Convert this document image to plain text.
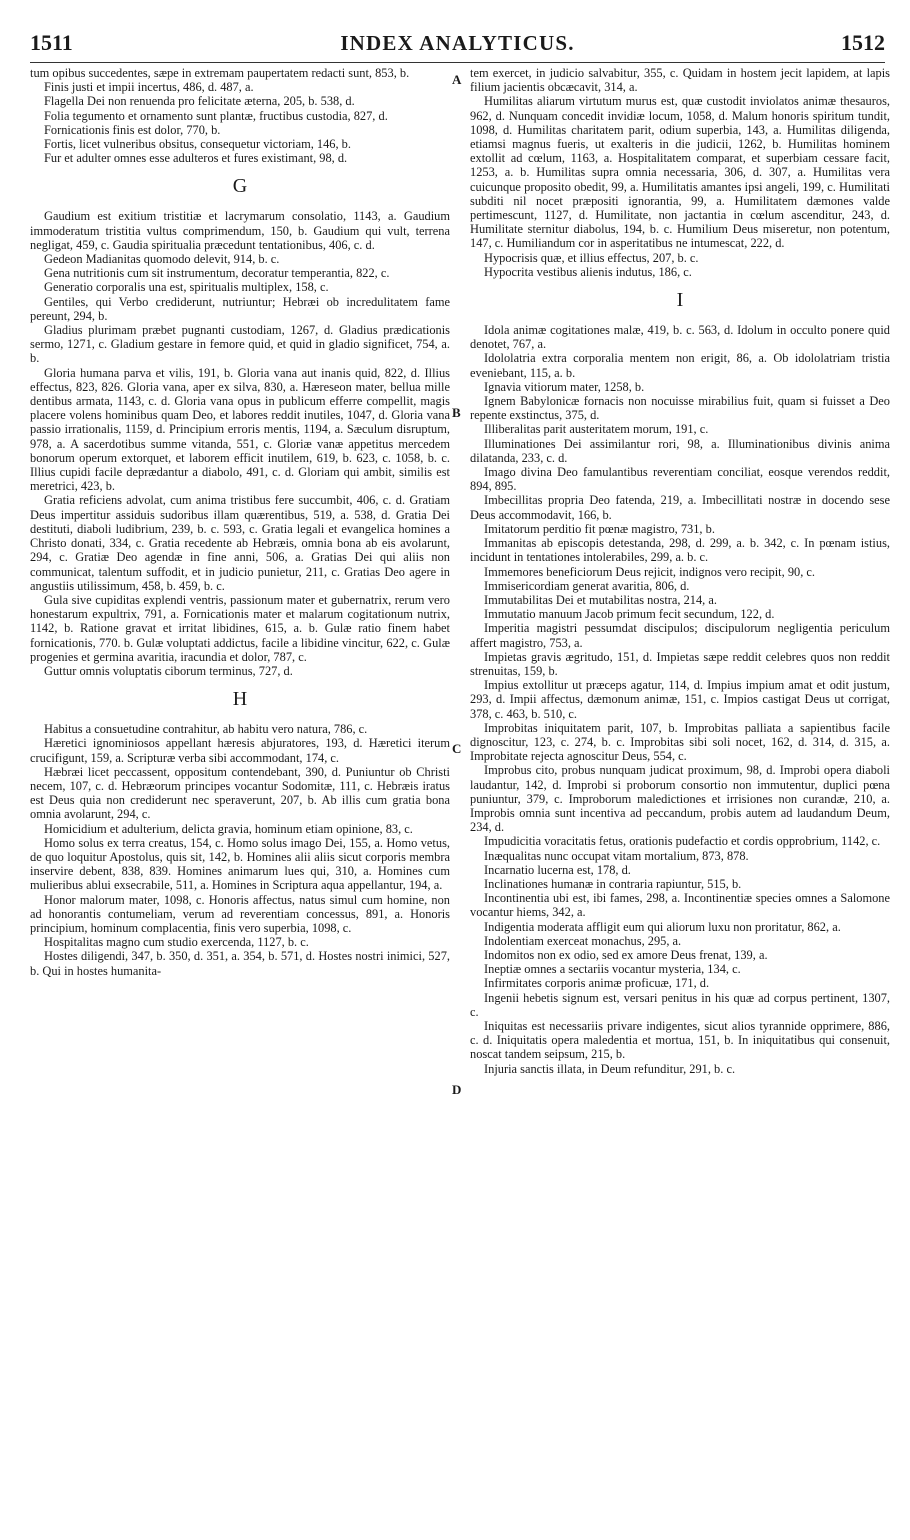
1511	INDEX ANALYTICUS.	1512
A
B
C
D

tum opibus succedentes, sæpe in extremam paupertatem redacti sunt, 853, b.

Finis justi et impii incertus, 486, d. 487, a.

Flagella Dei non renuenda pro felicitate æterna, 205, b. 538, d.

Folia tegumento et ornamento sunt plantæ, fructibus custodia, 827, d.

Fornicationis finis est dolor, 770, b.

Fortis, licet vulneribus obsitus, consequetur victoriam, 146, b.

Fur et adulter omnes esse adulteros et fures existimant, 98, d.

G

Gaudium est exitium tristitiæ et lacrymarum consolatio, 1143, a. Gaudium immoderatum tristitia vultus comprimendum, 150, b. Gaudium qui vult, terrena negligat, 459, c. Gaudia spiritualia præcedunt tentationibus, 406, c. d.

Gedeon Madianitas quomodo delevit, 914, b. c.

Gena nutritionis cum sit instrumentum, decoratur temperantia, 822, c.

Generatio corporalis una est, spiritualis multiplex, 158, c.

Gentiles, qui Verbo crediderunt, nutriuntur; Hebræi ob incredulitatem fame pereunt, 294, b.

Gladius plurimam præbet pugnanti custodiam, 1267, d. Gladius prædicationis sermo, 1271, c. Gladium gestare in femore quid, et quid in gladio significet, 754, a. b.

Gloria humana parva et vilis, 191, b. Gloria vana aut inanis quid, 822, d. Illius effectus, 823, 826. Gloria vana, aper ex silva, 830, a. Hæreseon mater, bellua mille dentibus armata, 1143, c. d. Gloria vana opus in publicum efferre compellit, magis placere volens hominibus quam Deo, et labores reddit inutiles, 1047, d. Gloria vana passio irrationalis, 1159, d. Principium erroris mentis, 1194, a. Sæculum disruptum, 978, a. A sacerdotibus summe vitanda, 551, c. Gloriæ vanæ appetitus mercedem bonorum operum extorquet, et laborem efficit inutilem, 619, b. 623, c. 1058, b. c. Illius cupidi facile deprædantur a diabolo, 491, c. d. Gloriam qui ambit, similis est meretrici, 423, b.

Gratia reficiens advolat, cum anima tristibus fere succumbit, 406, c. d. Gratiam Deus impertitur assiduis sudoribus illam quærentibus, 519, a. 538, d. Gratia Dei destituti, diaboli ludibrium, 239, b. c. 593, c. Gratia legali et evangelica homines a Christo donati, 334, c. Gratia recedente ab Hebræis, omnia bona ab eis avolarunt, 294, c. Gratiæ Deo agendæ in fine anni, 506, a. Gratias Dei qui aliis non communicat, talentum suffodit, et in judicio punietur, 211, c. Gratias Deo agere in angustiis utilissimum, 458, b. 459, b. c.

Gula sive cupiditas explendi ventris, passionum mater et gubernatrix, rerum vero honestarum expultrix, 791, a. Fornicationis mater et malarum cogitationum nutrix, 1142, b. Ratione gravat et irritat libidines, 615, a. b. Gulæ ratio finem habet fornicationis, 770. b. Gulæ voluptati addictus, facile a libidine vincitur, 622, c. Gulæ progenies et germina avaritia, iracundia et dolor, 787, c.

Guttur omnis voluptatis ciborum terminus, 727, d.

H

Habitus a consuetudine contrahitur, ab habitu vero natura, 786, c.

Hæretici ignominiosos appellant hæresis abjuratores, 193, d. Hæretici iterum crucifigunt, 159, a. Scripturæ verba sibi accommodant, 174, c.

Hæbræi licet peccassent, oppositum contendebant, 390, d. Puniuntur ob Christi necem, 107, c. d. Hebræorum principes vocantur Sodomitæ, 111, c. Hebræis iratus est Deus quia non crediderunt nec speraverunt, 207, b. Ab illis cum gratia bona omnia avolarunt, 294, c.

Homicidium et adulterium, delicta gravia, hominum etiam opinione, 83, c.

Homo solus ex terra creatus, 154, c. Homo solus imago Dei, 155, a. Homo vetus, de quo loquitur Apostolus, quis sit, 142, b. Homines alii aliis sicut corporis membra inservire debent, 838, 839. Homines animarum lues qui, 310, a. Homines cum mulieribus ablui exsecrabile, 511, a. Homines in Scriptura aqua appellantur, 194, a.

Honor malorum mater, 1098, c. Honoris affectus, natus simul cum homine, non ad honorantis contumeliam, verum ad reverentiam concessus, 891, a. Honoris principium, hominum complacentia, finis vero superbia, 1098, c.

Hospitalitas magno cum studio exercenda, 1127, b. c.

Hostes diligendi, 347, b. 350, d. 351, a. 354, b. 571, d. Hostes nostri inimici, 527, b. Qui in hostes humanita-

tem exercet, in judicio salvabitur, 355, c. Quidam in hostem jecit lapidem, at lapis filium jacientis obcæcavit, 314, a.

Humilitas aliarum virtutum murus est, quæ custodit inviolatos animæ thesauros, 962, d. Nunquam concedit invidiæ locum, 1058, d. Malum honoris spiritum tundit, 1098, d. Humilitas charitatem parit, odium superbia, 143, a. Humilitas diligenda, etiamsi magnus fueris, ut exalteris in die judicii, 1262, b. Humilitas hominem extollit ad cœlum, 1163, a. Hospitalitatem comparat, et superbiam cessare facit, 1253, a. b. Humilitas supra omnia necessaria, 306, d. 307, a. Humilitas vera cuicunque proposito obedit, 99, a. Humilitatis amantes ipsi angeli, 199, c. Humilitati subditi nil nocet præpositi ignorantia, 99, a. Humilitatem dæmones valde pertimescunt, 1127, d. Humilitate, non jactantia in cœlum ascenditur, 243, d. Humilitate sternitur diabolus, 194, b. c. Humilium Deus miseretur, non potentum, 147, c. Humiliandum cor in asperitatibus ne intumescat, 222, d.

Hypocrisis quæ, et illius effectus, 207, b. c.

Hypocrita vestibus alienis indutus, 186, c.

I

Idola animæ cogitationes malæ, 419, b. c. 563, d. Idolum in occulto ponere quid denotet, 767, a.

Idololatria extra corporalia mentem non erigit, 86, a. Ob idololatriam tristia eveniebant, 115, a. b.

Ignavia vitiorum mater, 1258, b.

Ignem Babylonicæ fornacis non nocuisse mirabilius fuit, quam si fuisset a Deo repente exstinctus, 375, d.

Illiberalitas parit austeritatem morum, 191, c.

Illuminationes Dei assimilantur rori, 98, a. Illuminationibus divinis anima dilatanda, 233, c. d.

Imago divina Deo famulantibus reverentiam conciliat, eosque verendos reddit, 894, 895.

Imbecillitas propria Deo fatenda, 219, a. Imbecillitati nostræ in docendo sese Deus accommodavit, 166, b.

Imitatorum perditio fit pœnæ magistro, 731, b.

Immanitas ab episcopis detestanda, 298, d. 299, a. b. 342, c. In pœnam istius, incidunt in tentationes intolerabiles, 299, a. b. c.

Immemores beneficiorum Deus rejicit, indignos vero recipit, 90, c.

Immisericordiam generat avaritia, 806, d.

Immutabilitas Dei et mutabilitas nostra, 214, a.

Immutatio manuum Jacob primum fecit secundum, 122, d.

Imperitia magistri pessumdat discipulos; discipulorum negligentia periculum affert magistro, 753, a.

Impietas gravis ægritudo, 151, d. Impietas sæpe reddit celebres quos non reddit strenuitas, 159, b.

Impius extollitur ut præceps agatur, 114, d. Impius impium amat et odit justum, 293, d. Impii affectus, dæmonum animæ, 151, c. Impios castigat Deus ut corrigat, 378, c. 463, b. 510, c.

Improbitas iniquitatem parit, 107, b. Improbitas palliata a sapientibus facile dignoscitur, 123, c. 274, b. c. Improbitas sibi soli nocet, 162, d. 314, d. 315, a. Improbitate rejecta agnoscitur Deus, 554, c.

Improbus cito, probus nunquam judicat proximum, 98, d. Improbi opera diaboli laudantur, 142, d. Improbi si proborum consortio non immutentur, duplici pœna puniuntur, 379, c. Improborum maledictiones et irrisiones non curandæ, 210, a. Improbis omnia sunt incentiva ad peccandum, probis autem ad laudandum Deum, 234, d.

Impudicitia voracitatis fetus, orationis pudefactio et cordis opprobrium, 1142, c.

Inæqualitas nunc occupat vitam mortalium, 873, 878.

Incarnatio lucerna est, 178, d.

Inclinationes humanæ in contraria rapiuntur, 515, b.

Incontinentia ubi est, ibi fames, 298, a. Incontinentiæ species omnes a Salomone vocantur hiems, 342, a.

Indigentia moderata affligit eum qui aliorum luxu non proritatur, 862, a.

Indolentiam exerceat monachus, 295, a.

Indomitos non ex odio, sed ex amore Deus frenat, 139, a.

Ineptiæ omnes a sectariis vocantur mysteria, 134, c.

Infirmitates corporis animæ proficuæ, 171, d.

Ingenii hebetis signum est, versari penitus in his quæ ad corpus pertinent, 1307, c.

Iniquitas est necessariis privare indigentes, sicut alios tyrannide opprimere, 886, c. d. Iniquitatis opera maledentia et mortua, 151, b. In iniquitatibus qui consenuit, noscat tandem seipsum, 215, b.

Injuria sanctis illata, in Deum refunditur, 291, b. c.
